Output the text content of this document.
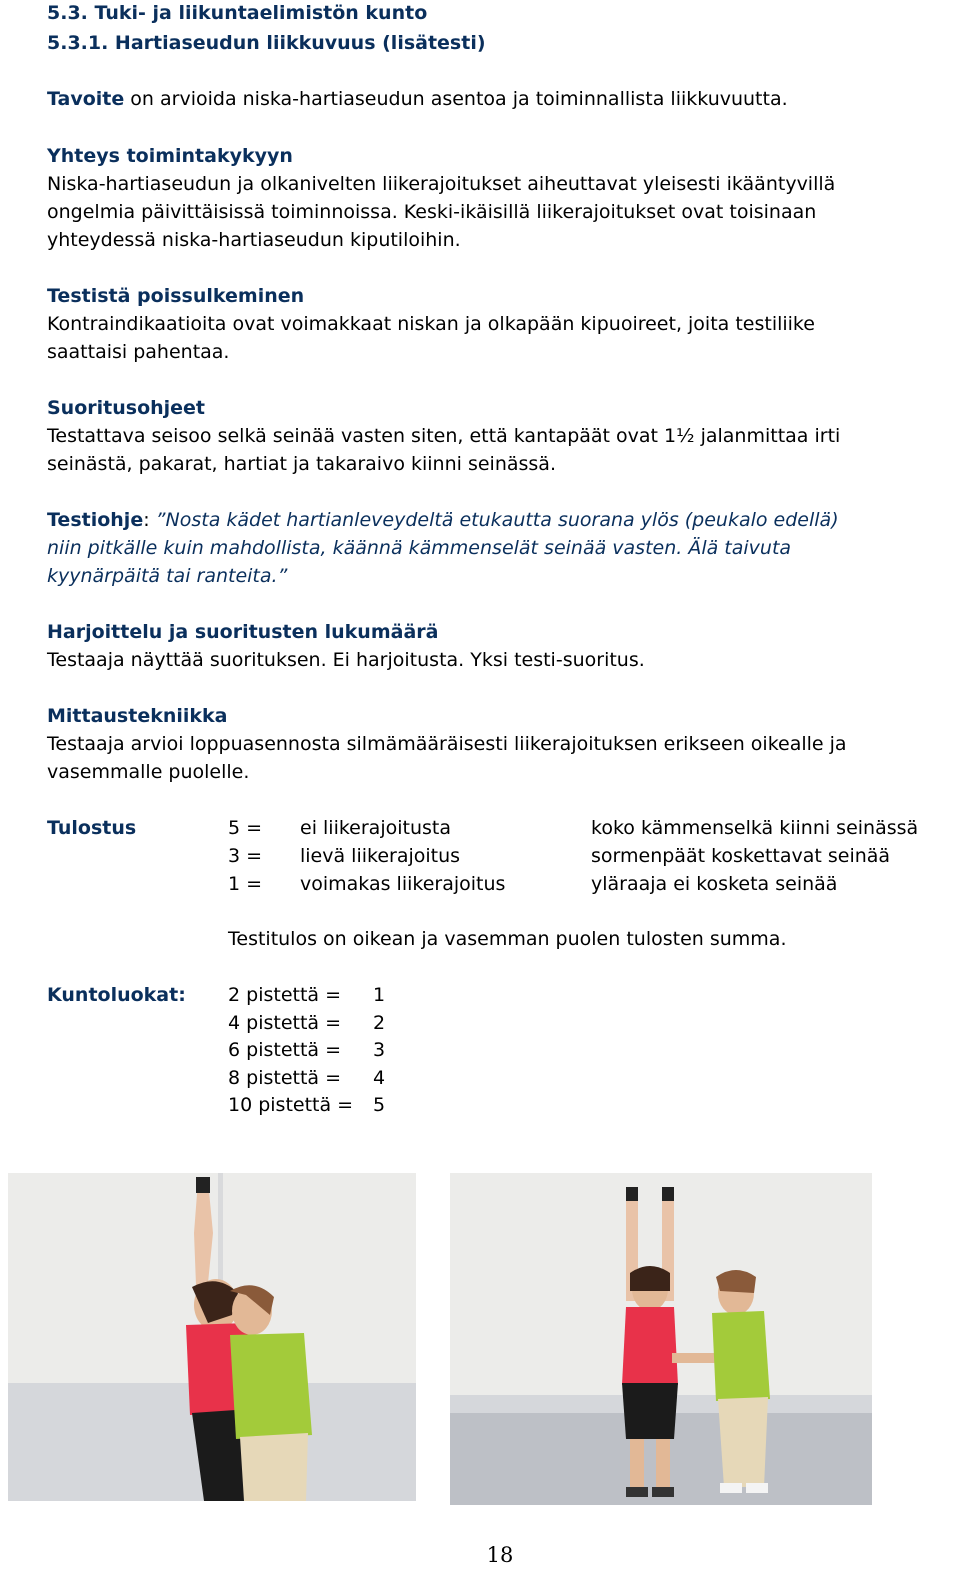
5.3. Tuki- ja liikuntaelimistön kunto
5.3.1. Hartiaseudun liikkuvuus (lisätesti)
Tavoite on arvioida niska-hartiaseudun asentoa ja toiminnallista liikkuvuutta.
Yhteys toimintakykyyn
Niska-hartiaseudun ja olkanivelten liikerajoitukset aiheuttavat yleisesti ikääntyvillä
ongelmia päivittäisissä toiminnoissa. Keski-ikäisillä liikerajoitukset ovat toisinaan
yhteydessä niska-hartiaseudun kiputiloihin.
Testistä poissulkeminen
Kontraindikaatioita ovat voimakkaat niskan ja olkapään kipuoireet, joita testiliike
saattaisi pahentaa.
Suoritusohjeet
Testattava seisoo selkä seinää vasten siten, että kantapäät ovat 1½ jalanmittaa irti
seinästä, pakarat, hartiat ja takaraivo kiinni seinässä.
Testiohje: ”Nosta kädet hartianleveydeltä etukautta suorana ylös (peukalo edellä)
niin pitkälle kuin mahdollista, käännä kämmenselät seinää vasten. Älä taivuta
kyynärpäitä tai ranteita.”
Harjoittelu ja suoritusten lukumäärä
Testaaja näyttää suorituksen. Ei harjoitusta. Yksi testi-suoritus.
Mittaustekniikka
Testaaja arvioi loppuasennosta silmämääräisesti liikerajoituksen erikseen oikealle ja
vasemmalle puolelle.
Tulostus	5 = ei liikerajoitusta	koko kämmenselkä kiinni seinässä
3 = lievä liikerajoitus	sormenpäät koskettavat seinää
1 = voimakas liikerajoitus	yläraaja ei kosketa seinää
Testitulos on oikean ja vasemman puolen tulosten summa.
Kuntoluokat: 2 pistettä = 1
4 pistettä = 2
6 pistettä = 3
8 pistettä = 4
10 pistettä = 5
18
